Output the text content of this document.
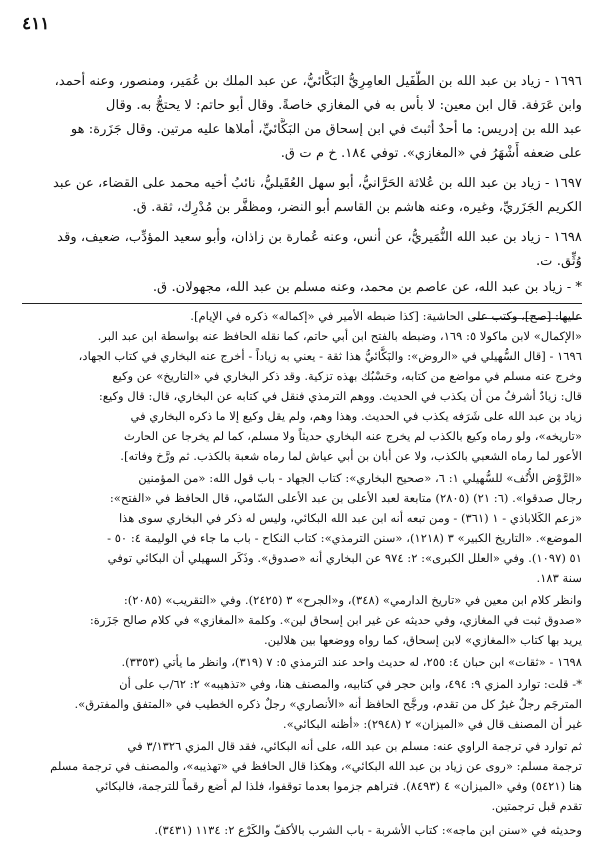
٤١١
١٦٩٦ - زياد بن عبد الله بن الطُّفَيل العامِرِيُّ البَكَّائيُّ، عن عبد الملك بن عُمَير، ومنصور، وعنه أحمد،
وابن عَرَفة. قال ابن معين: لا بأس به في المغازي خاصةً. وقال أبو حاتم: لا يحتجُّ به. وقال
عبد الله بن إدريس: ما أحدٌ أثبتَ في ابن إسحاق من البَكَّائيِّ، أملاها عليه مرتين. وقال جَزَرة: هو
على ضعفه أَشْهَرُ في «المغازي». توفي ١٨٤. خ م ت ق.
١٦٩٧ - زياد بن عبد الله بن عُلاثة الحَرَّانيُّ، أبو سهل العُقَيليُّ، نائبُ أخيه محمد على القضاء، عن عبد
الكريم الجَزَريِّ، وغيره، وعنه هاشم بن القاسم أبو النضر، ومظفَّر بن مُدْرِك، ثقة. ق.
١٦٩٨ - زياد بن عبد الله النُّمَيريُّ، عن أنس، وعنه عُمارة بن زاذان، وأبو سعيد المؤدِّب، ضعيف، وقد
وُثِّق. ت.
* - زياد بن عبد الله، عن عاصم بن محمد، وعنه مسلم بن عبد الله، مجهولان. ق.
عليها: [صح]، وكتب على الحاشية: [كذا ضبطه الأمير في «إكماله» ذكره في الإيام].
«الإكمال» لابن ماكولا ٥: ١٦٩، وضبطه بالفتح ابن أبي حاتم، كما نقله الحافظ عنه بواسطة ابن عبد البر.
١٦٩٦ - [قال السُّهيلي في «الروض»: والبَكَّائيُّ هذا ثقة - يعني به زياداً - أخرج عنه البخاري في كتاب الجهاد،
وخرج عنه مسلم في مواضع من كتابه، وحَسْبُك بهذه تزكية. وقد ذكر البخاري في «التاريخ» عن وكيع
قال: زيادٌ أشرفُ من أن يكذب في الحديث. ووهم الترمذي فنقل في كتابه عن البخاري، قال: قال وكيع:
زياد بن عبد الله على شَرَفه يكذب في الحديث. وهذا وهم، ولم يقل وكيع إلا ما ذكره البخاري في
«تاريخه»، ولو رماه وكيع بالكذب لم يخرج عنه البخاري حديثاً ولا مسلم، كما لم يخرجا عن الحارث
الأعور لما رماه الشعبي بالكذب، ولا عن أبان بن أبي عياش لما رماه شعبة بالكذب. ثم ورَّخ وفاته].
«الرَّوْض الأُنُف» للسُّهيلي ١: ٦، «صحيح البخاري»: كتاب الجهاد - باب قول الله: «من المؤمنين
رجال صدقوا». (٦: ٢١) (٢٨٠٥) متابعة لعبد الأعلى بن عبد الأعلى السّامي، قال الحافظ في «الفتح»:
«زعم الكَلاباذي - ١ (٣٦١) - ومن تبعه أنه ابن عبد الله البكائي، وليس له ذكر في البخاري سوى هذا
الموضع». «التاريخ الكبير» ٣ (١٢١٨)، «سنن الترمذي»: كتاب النكاح - باب ما جاء في الوليمة ٤: ٥٠ -
٥١ (١٠٩٧). وفي «العلل الكبرى»: ٢: ٩٧٤ عن البخاري أنه «صدوق». وذَكَر السهيلي أن البكائي توفي
سنة ١٨٣.
وانظر كلام ابن معين في «تاريخ الدارمي» (٣٤٨)، و«الجرح» ٣ (٢٤٢٥). وفي «التقريب» (٢٠٨٥):
«صدوق ثبت في المغازي، وفي حديثه عن غير ابن إسحاق لين». وكلمة «المغازي» في كلام صالح جَزَرة:
يريد بها كتاب «المغازي» لابن إسحاق، كما رواه ووضعها بين هلالين.
١٦٩٨ - «ثقات» ابن حبان ٤: ٢٥٥، له حديث واحد عند الترمذي ٥: ٧ (٣١٩)، وانظر ما يأتي (٣٣٥٣).
*- قلت: توارد المزي ٩: ٤٩٤، وابن حجر في كتابيه، والمصنف هنا، وفي «تذهيبه» ٢: ٦٢/ب على أن
المترجَم رجلٌ غيرُ كل من تقدم، ورجَّح الحافظ أنه «الأنصاري» رجلٌ ذكره الخطيب في «المتفق والمفترق».
غير أن المصنف قال في «الميزان» ٢ (٢٩٤٨): «أظنه البكائي».
ثم توارد في ترجمة الراوي عنه: مسلم بن عبد الله، على أنه البكائي، فقد قال المزي ٣/١٣٢٦ في
ترجمة مسلم: «روى عن زياد بن عبد الله البكائي»، وهكذا قال الحافظ في «تهذيبه»، والمصنف في ترجمة مسلم
هنا (٥٤٢١) وفي «الميزان» ٤ (٨٤٩٣). فتراهم جزموا بعدما توقفوا، فلذا لم أضع رقماً للترجمة، فالبكائي
تقدم قبل ترجمتين.
وحديثه في «سنن ابن ماجه»: كتاب الأشربة - باب الشرب بالأكفّ والكَرْع ٢: ١١٣٤ (٣٤٣١).
